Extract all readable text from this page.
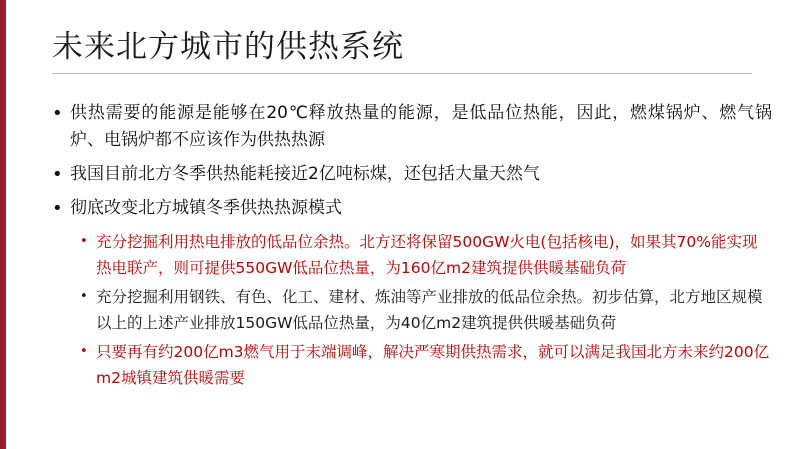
未来北方城市的供热系统
• 供热需要的能源是能够在20℃释放热量的能源，是低品位热能，因此，燃煤锅炉、燃气锅炉、电锅炉都不应该作为供热热源
• 我国目前北方冬季供热能耗接近2亿吨标煤，还包括大量天然气
• 彻底改变北方城镇冬季供热热源模式
• 充分挖掘利用热电排放的低品位余热。北方还将保留500GW火电(包括核电)，如果其70%能实现热电联产，则可提供550GW低品位热量，为160亿m2建筑提供供暖基础负荷
• 充分挖掘利用钢铁、有色、化工、建材、炼油等产业排放的低品位余热。初步估算，北方地区规模以上的上述产业排放150GW低品位热量，为40亿m2建筑提供供暖基础负荷
• 只要再有约200亿m3燃气用于末端调峰，解决严寒期供热需求，就可以满足我国北方未来约200亿m2城镇建筑供暖需要
